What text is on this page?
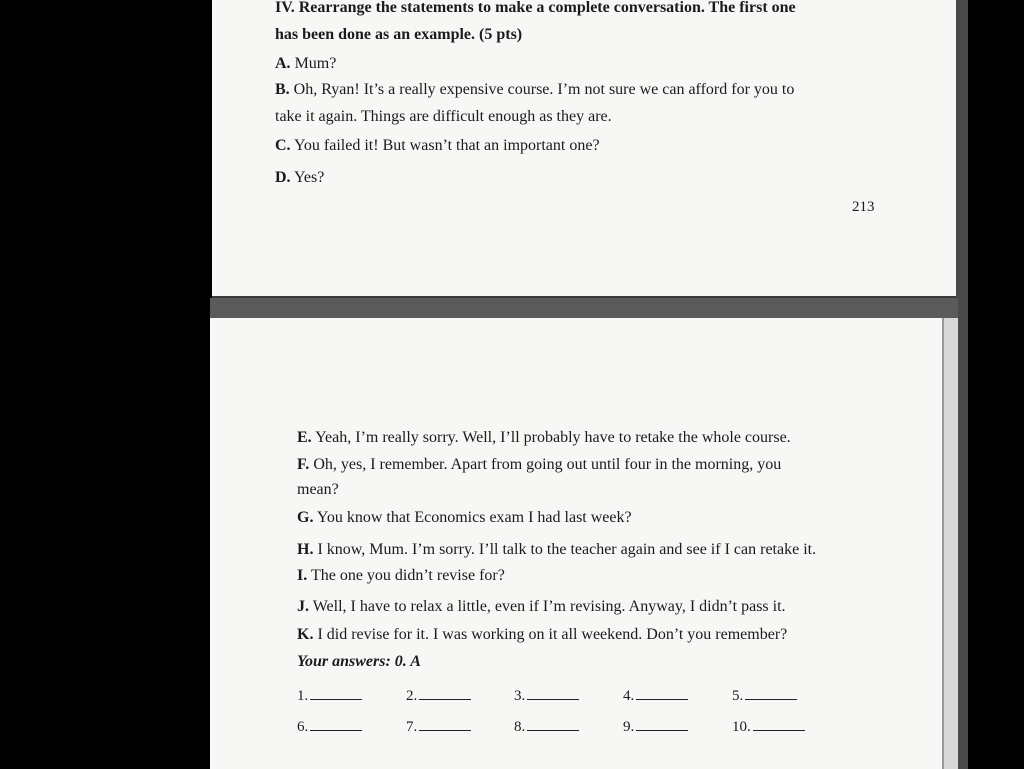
IV. Rearrange the statements to make a complete conversation. The first one
has been done as an example. (5 pts)
A. Mum?
B. Oh, Ryan! It’s a really expensive course. I’m not sure we can afford for you to
take it again. Things are difficult enough as they are.
C. You failed it! But wasn’t that an important one?
D. Yes?
213
E. Yeah, I’m really sorry. Well, I’ll probably have to retake the whole course.
F. Oh, yes, I remember. Apart from going out until four in the morning, you
mean?
G. You know that Economics exam I had last week?
H. I know, Mum. I’m sorry. I’ll talk to the teacher again and see if I can retake it.
I. The one you didn’t revise for?
J. Well, I have to relax a little, even if I’m revising. Anyway, I didn’t pass it.
K. I did revise for it. I was working on it all weekend. Don’t you remember?
Your answers: 0. A
1.	2.	3.	4.	5.
6.	7.	8.	9.	10.
